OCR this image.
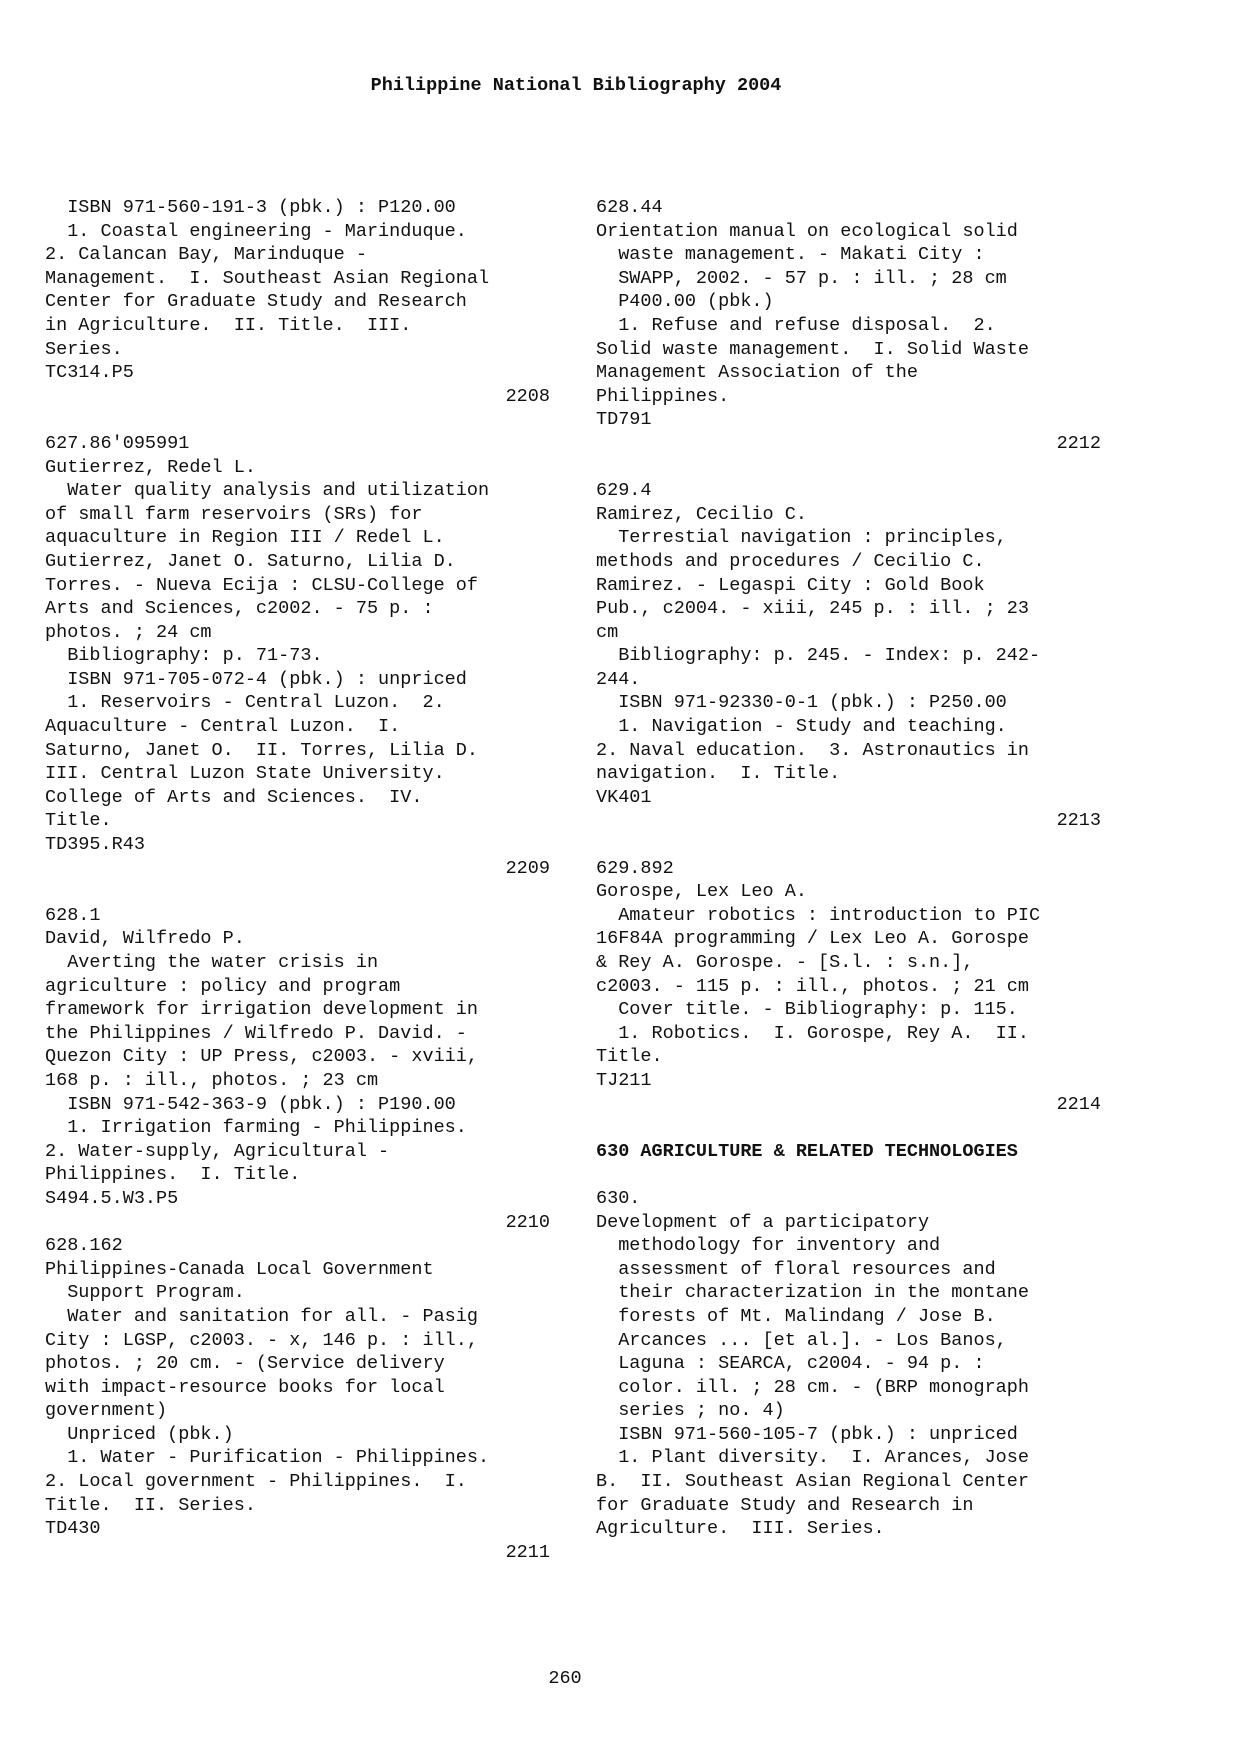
Philippine National Bibliography 2004
ISBN 971-560-191-3 (pbk.) : P120.00
1. Coastal engineering - Marinduque.
2. Calancan Bay, Marinduque -
Management.  I. Southeast Asian Regional
Center for Graduate Study and Research
in Agriculture.  II. Title.  III.
Series.
TC314.P5
2208
627.86'095991
Gutierrez, Redel L.
Water quality analysis and utilization
of small farm reservoirs (SRs) for
aquaculture in Region III / Redel L.
Gutierrez, Janet O. Saturno, Lilia D.
Torres. - Nueva Ecija : CLSU-College of
Arts and Sciences, c2002. - 75 p. :
photos. ; 24 cm
Bibliography: p. 71-73.
ISBN 971-705-072-4 (pbk.) : unpriced
1. Reservoirs - Central Luzon.  2.
Aquaculture - Central Luzon.  I.
Saturno, Janet O.  II. Torres, Lilia D.
III. Central Luzon State University.
College of Arts and Sciences.  IV.
Title.
TD395.R43
2209
628.1
David, Wilfredo P.
Averting the water crisis in
agriculture : policy and program
framework for irrigation development in
the Philippines / Wilfredo P. David. -
Quezon City : UP Press, c2003. - xviii,
168 p. : ill., photos. ; 23 cm
ISBN 971-542-363-9 (pbk.) : P190.00
1. Irrigation farming - Philippines.
2. Water-supply, Agricultural -
Philippines.  I. Title.
S494.5.W3.P5
2210
628.162
Philippines-Canada Local Government
Support Program.
Water and sanitation for all. - Pasig
City : LGSP, c2003. - x, 146 p. : ill.,
photos. ; 20 cm. - (Service delivery
with impact-resource books for local
government)
Unpriced (pbk.)
1. Water - Purification - Philippines.
2. Local government - Philippines.  I.
Title.  II. Series.
TD430
2211
628.44
Orientation manual on ecological solid
waste management. - Makati City :
SWAPP, 2002. - 57 p. : ill. ; 28 cm
P400.00 (pbk.)
1. Refuse and refuse disposal.  2.
Solid waste management.  I. Solid Waste
Management Association of the
Philippines.
TD791
2212
629.4
Ramirez, Cecilio C.
Terrestial navigation : principles,
methods and procedures / Cecilio C.
Ramirez. - Legaspi City : Gold Book
Pub., c2004. - xiii, 245 p. : ill. ; 23
cm
Bibliography: p. 245. - Index: p. 242-
244.
ISBN 971-92330-0-1 (pbk.) : P250.00
1. Navigation - Study and teaching.
2. Naval education.  3. Astronautics in
navigation.  I. Title.
VK401
2213
629.892
Gorospe, Lex Leo A.
Amateur robotics : introduction to PIC
16F84A programming / Lex Leo A. Gorospe
& Rey A. Gorospe. - [S.l. : s.n.],
c2003. - 115 p. : ill., photos. ; 21 cm
Cover title. - Bibliography: p. 115.
1. Robotics.  I. Gorospe, Rey A.  II.
Title.
TJ211
2214
630 AGRICULTURE & RELATED TECHNOLOGIES
630.
Development of a participatory
methodology for inventory and
assessment of floral resources and
their characterization in the montane
forests of Mt. Malindang / Jose B.
Arcances ... [et al.]. - Los Banos,
Laguna : SEARCA, c2004. - 94 p. :
color. ill. ; 28 cm. - (BRP monograph
series ; no. 4)
ISBN 971-560-105-7 (pbk.) : unpriced
1. Plant diversity.  I. Arances, Jose
B.  II. Southeast Asian Regional Center
for Graduate Study and Research in
Agriculture.  III. Series.
260
